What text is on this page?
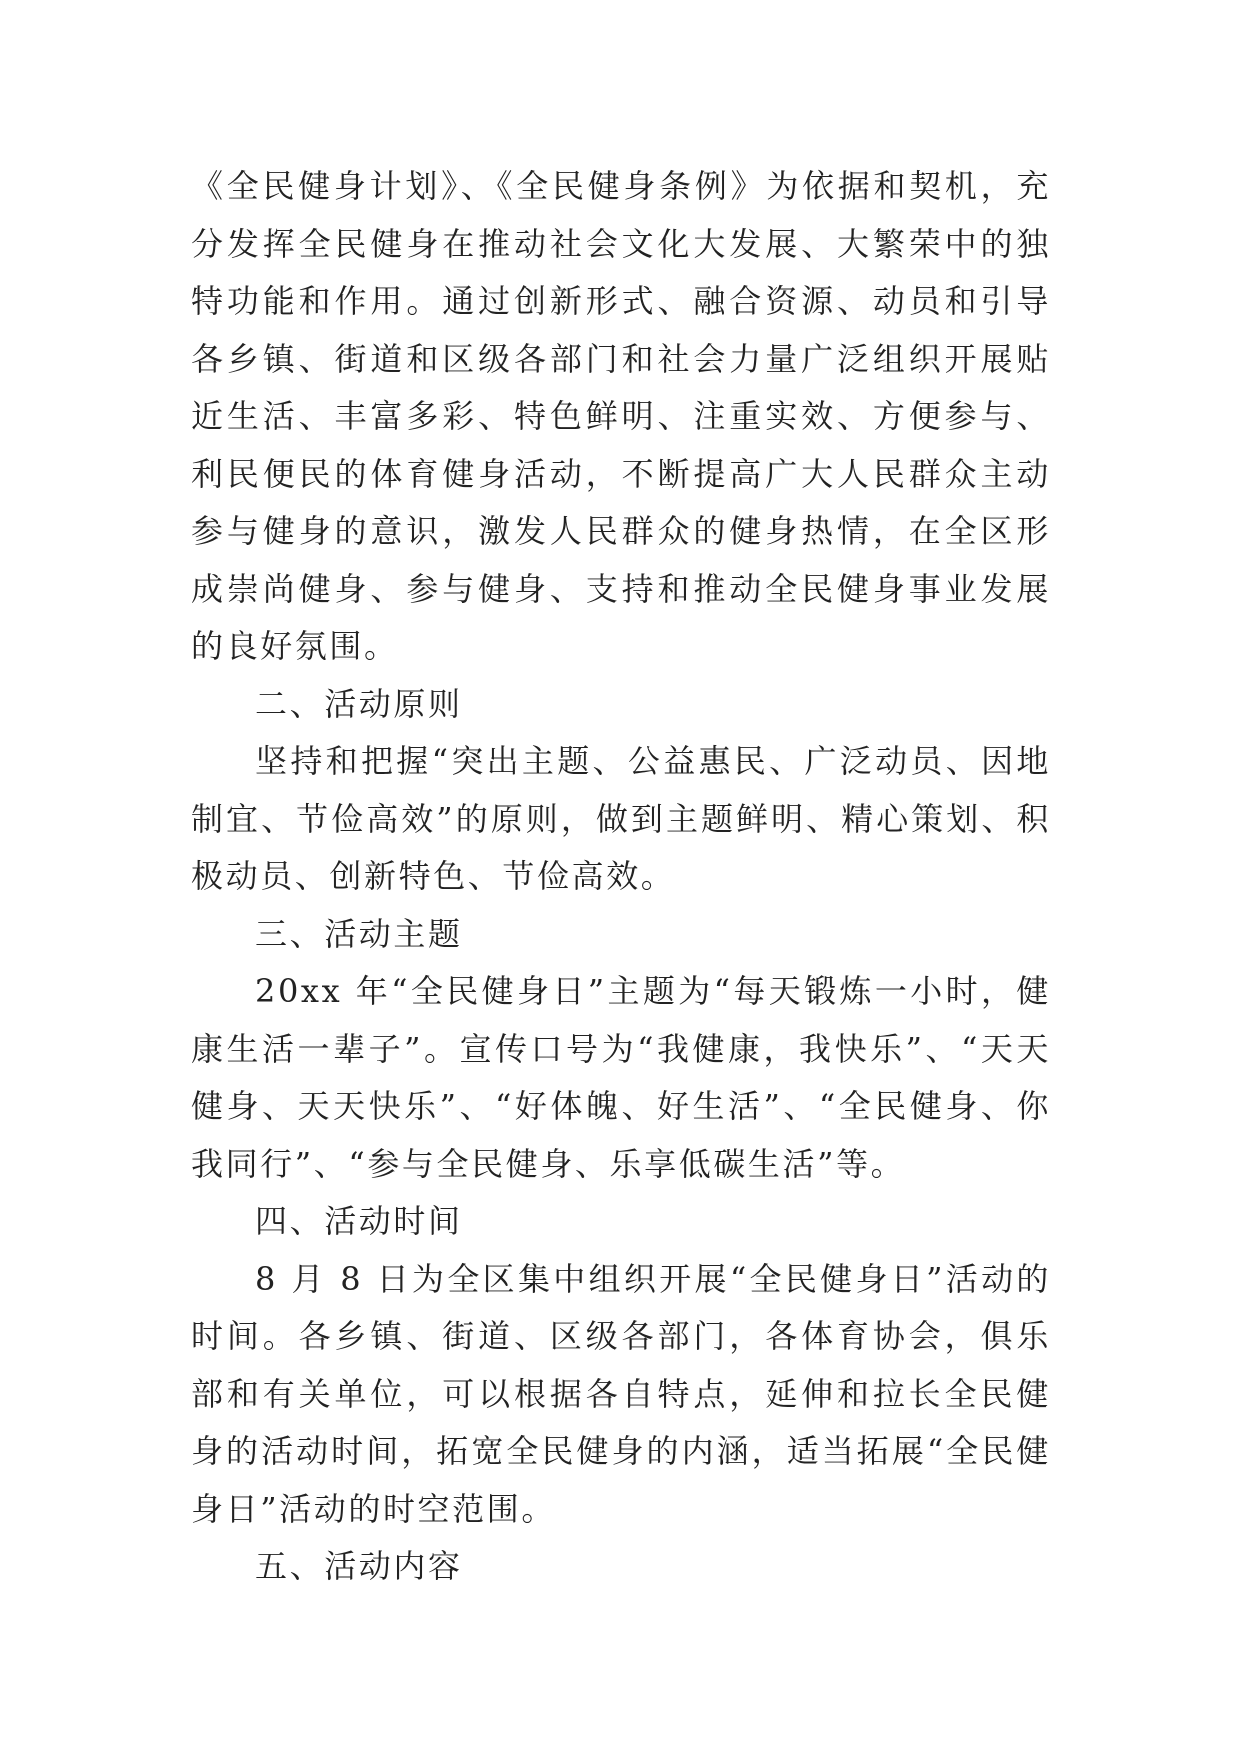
《全民健身计划》、《全民健身条例》为依据和契机，充分发挥全民健身在推动社会文化大发展、大繁荣中的独特功能和作用。通过创新形式、融合资源、动员和引导各乡镇、街道和区级各部门和社会力量广泛组织开展贴近生活、丰富多彩、特色鲜明、注重实效、方便参与、利民便民的体育健身活动，不断提高广大人民群众主动参与健身的意识，激发人民群众的健身热情，在全区形成崇尚健身、参与健身、支持和推动全民健身事业发展的良好氛围。

二、活动原则

坚持和把握“突出主题、公益惠民、广泛动员、因地制宜、节俭高效”的原则，做到主题鲜明、精心策划、积极动员、创新特色、节俭高效。

三、活动主题

20xx 年“全民健身日”主题为“每天锻炼一小时，健康生活一辈子”。宣传口号为“我健康，我快乐”、“天天健身、天天快乐”、“好体魄、好生活”、“全民健身、你我同行”、“参与全民健身、乐享低碳生活”等。

四、活动时间

8 月 8 日为全区集中组织开展“全民健身日”活动的时间。各乡镇、街道、区级各部门，各体育协会，俱乐部和有关单位，可以根据各自特点，延伸和拉长全民健身的活动时间，拓宽全民健身的内涵，适当拓展“全民健身日”活动的时空范围。

五、活动内容
